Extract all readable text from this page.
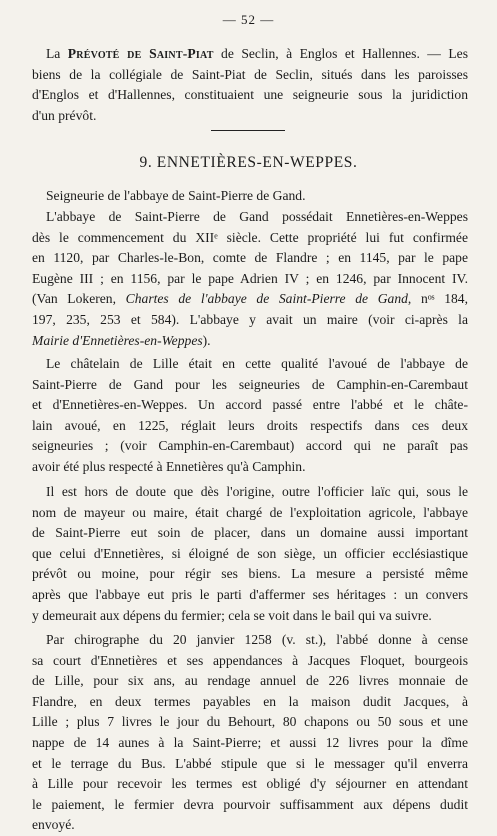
— 52 —
La Prévoté de Saint-Piat de Seclin, à Englos et Hallennes. — Les
biens de la collégiale de Saint-Piat de Seclin, situés dans les paroisses
d'Englos et d'Hallennes, constituaient une seigneurie sous la juridiction
d'un prévôt.
9. ENNETIÈRES-EN-WEPPES.
Seigneurie de l'abbaye de Saint-Pierre de Gand.
L'abbaye de Saint-Pierre de Gand possédait Ennetières-en-Weppes
dès le commencement du XIIᵉ siècle. Cette propriété lui fut confirmée
en 1120, par Charles-le-Bon, comte de Flandre ; en 1145, par le pape
Eugène III ; en 1156, par le pape Adrien IV ; en 1246, par Innocent IV.
(Van Lokeren, Chartes de l'abbaye de Saint-Pierre de Gand, nᵒˢ 184,
197, 235, 253 et 584). L'abbaye y avait un maire (voir ci-après la
Mairie d'Ennetières-en-Weppes).
Le châtelain de Lille était en cette qualité l'avoué de l'abbaye de
Saint-Pierre de Gand pour les seigneuries de Camphin-en-Carembaut
et d'Ennetières-en-Weppes. Un accord passé entre l'abbé et le châte-
lain avoué, en 1225, réglait leurs droits respectifs dans ces deux
seigneuries ; (voir Camphin-en-Carembaut) accord qui ne paraît pas
avoir été plus respecté à Ennetières qu'à Camphin.
Il est hors de doute que dès l'origine, outre l'officier laïc qui, sous le
nom de mayeur ou maire, était chargé de l'exploitation agricole, l'abbaye
de Saint-Pierre eut soin de placer, dans un domaine aussi important
que celui d'Ennetières, si éloigné de son siège, un officier ecclésiastique
prévôt ou moine, pour régir ses biens. La mesure a persisté même
après que l'abbaye eut pris le parti d'affermer ses héritages : un convers
y demeurait aux dépens du fermier; cela se voit dans le bail qui va suivre.
Par chirographe du 20 janvier 1258 (v. st.), l'abbé donne à cense
sa court d'Ennetières et ses appendances à Jacques Floquet, bourgeois
de Lille, pour six ans, au rendage annuel de 226 livres monnaie de
Flandre, en deux termes payables en la maison dudit Jacques, à
Lille ; plus 7 livres le jour du Behourt, 80 chapons ou 50 sous et une
nappe de 14 aunes à la Saint-Pierre; et aussi 12 livres pour la dîme
et le terrage du Bus. L'abbé stipule que si le messager qu'il enverra
à Lille pour recevoir les termes est obligé d'y séjourner en attendant
le paiement, le fermier devra pourvoir suffisamment aux dépens dudit
envoyé.
